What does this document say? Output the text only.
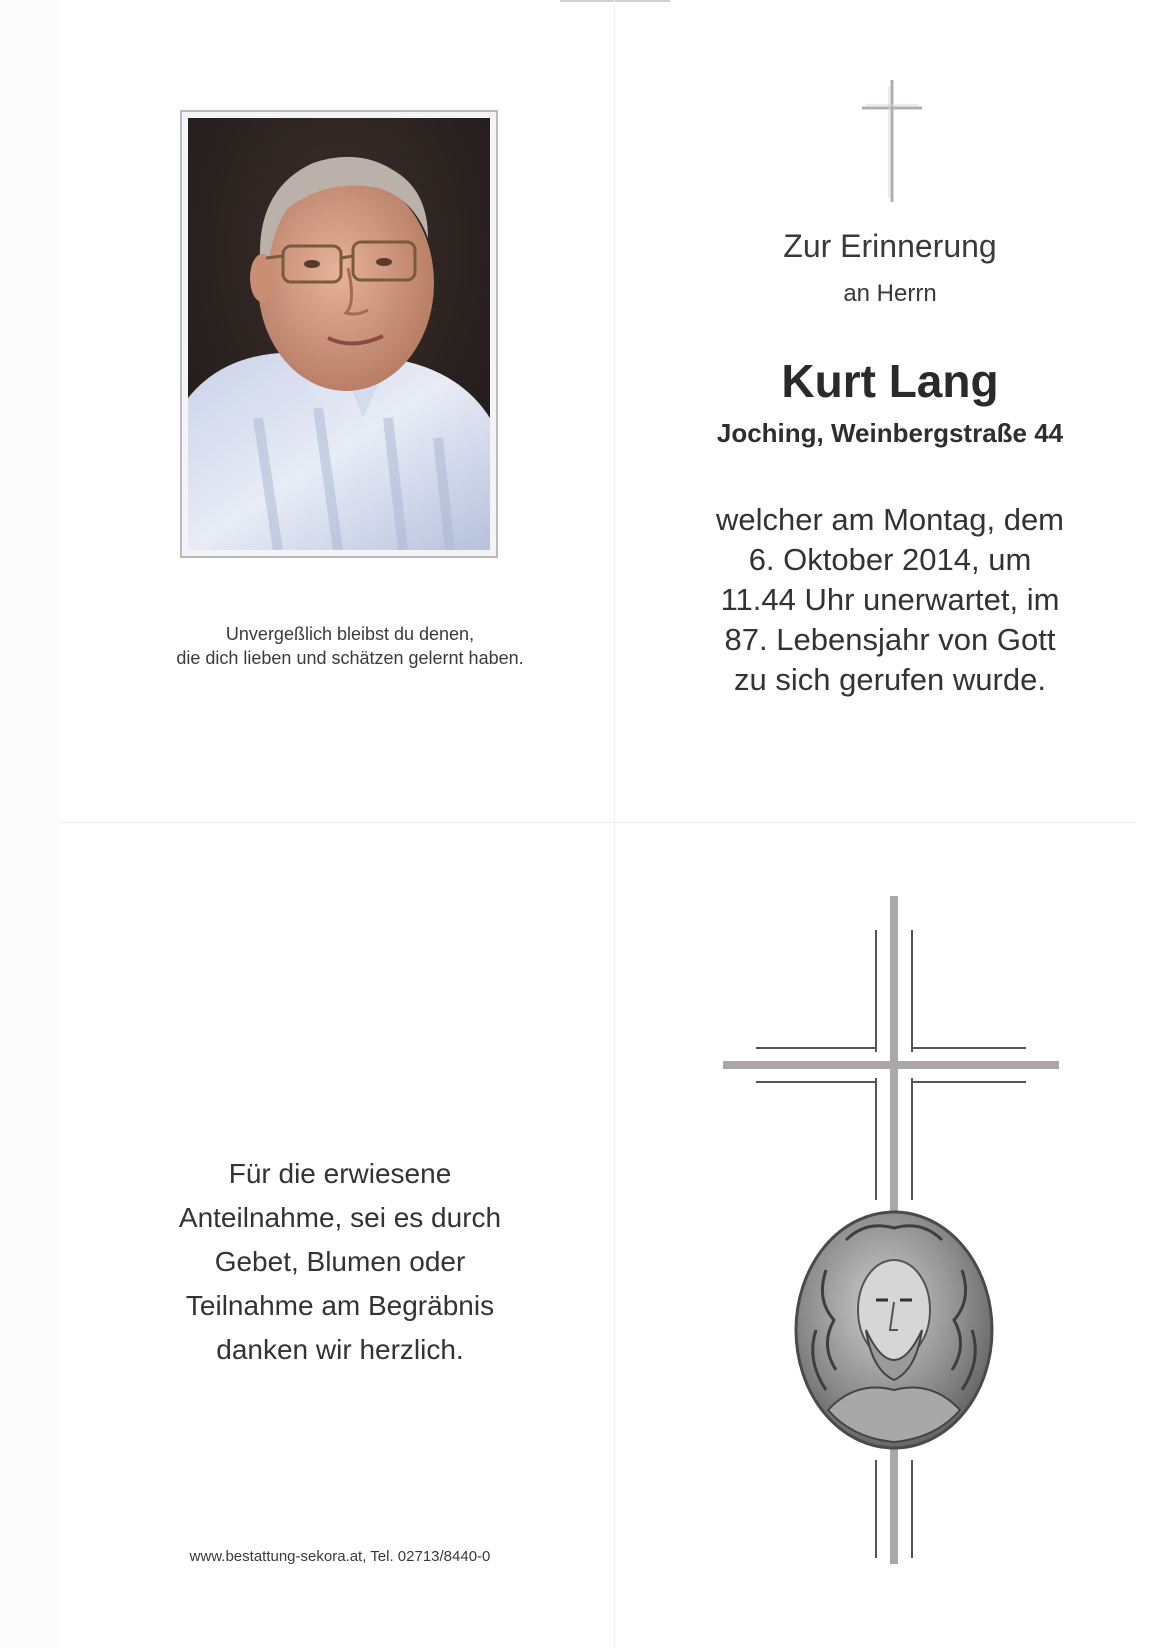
Unvergeßlich bleibst du denen,
die dich lieben und schätzen gelernt haben.
Zur Erinnerung
an Herrn
Kurt Lang
Joching, Weinbergstraße 44
welcher am Montag, dem
6. Oktober 2014, um
11.44 Uhr unerwartet, im
87. Lebensjahr von Gott
zu sich gerufen wurde.
Für die erwiesene
Anteilnahme, sei es durch
Gebet, Blumen oder
Teilnahme am Begräbnis
danken wir herzlich.
www.bestattung-sekora.at, Tel. 02713/8440-0
